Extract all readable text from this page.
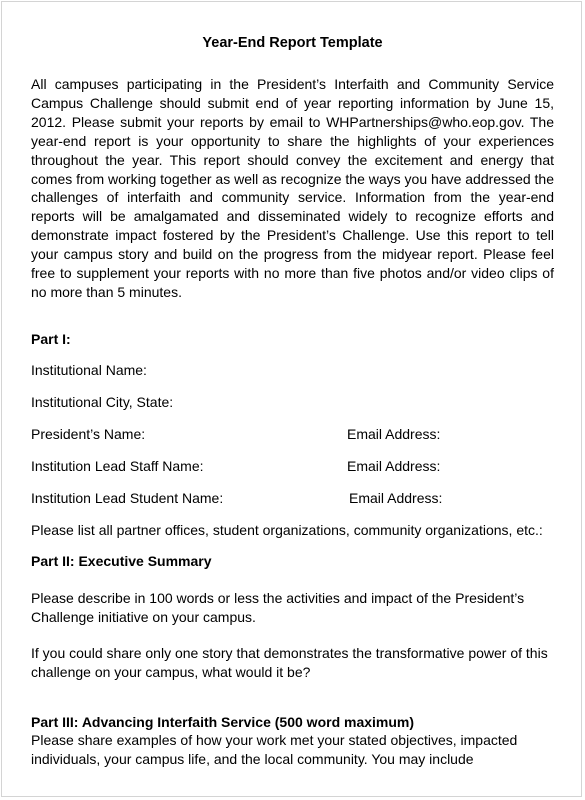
Year-End Report Template

All campuses participating in the President’s Interfaith and Community Service Campus Challenge should submit end of year reporting information by June 15, 2012. Please submit your reports by email to WHPartnerships@who.eop.gov. The year-end report is your opportunity to share the highlights of your experiences throughout the year. This report should convey the excitement and energy that comes from working together as well as recognize the ways you have addressed the challenges of interfaith and community service. Information from the year-end reports will be amalgamated and disseminated widely to recognize efforts and demonstrate impact fostered by the President’s Challenge. Use this report to tell your campus story and build on the progress from the midyear report. Please feel free to supplement your reports with no more than five photos and/or video clips of no more than 5 minutes.

Part I:

Institutional Name:

Institutional City, State:

President’s Name:	Email Address:

Institution Lead Staff Name:	Email Address:

Institution Lead Student Name:	Email Address:

Please list all partner offices, student organizations, community organizations, etc.:

Part II: Executive Summary

Please describe in 100 words or less the activities and impact of the President’s Challenge initiative on your campus.

If you could share only one story that demonstrates the transformative power of this challenge on your campus, what would it be?

Part III: Advancing Interfaith Service (500 word maximum)

Please share examples of how your work met your stated objectives, impacted individuals, your campus life, and the local community. You may include
